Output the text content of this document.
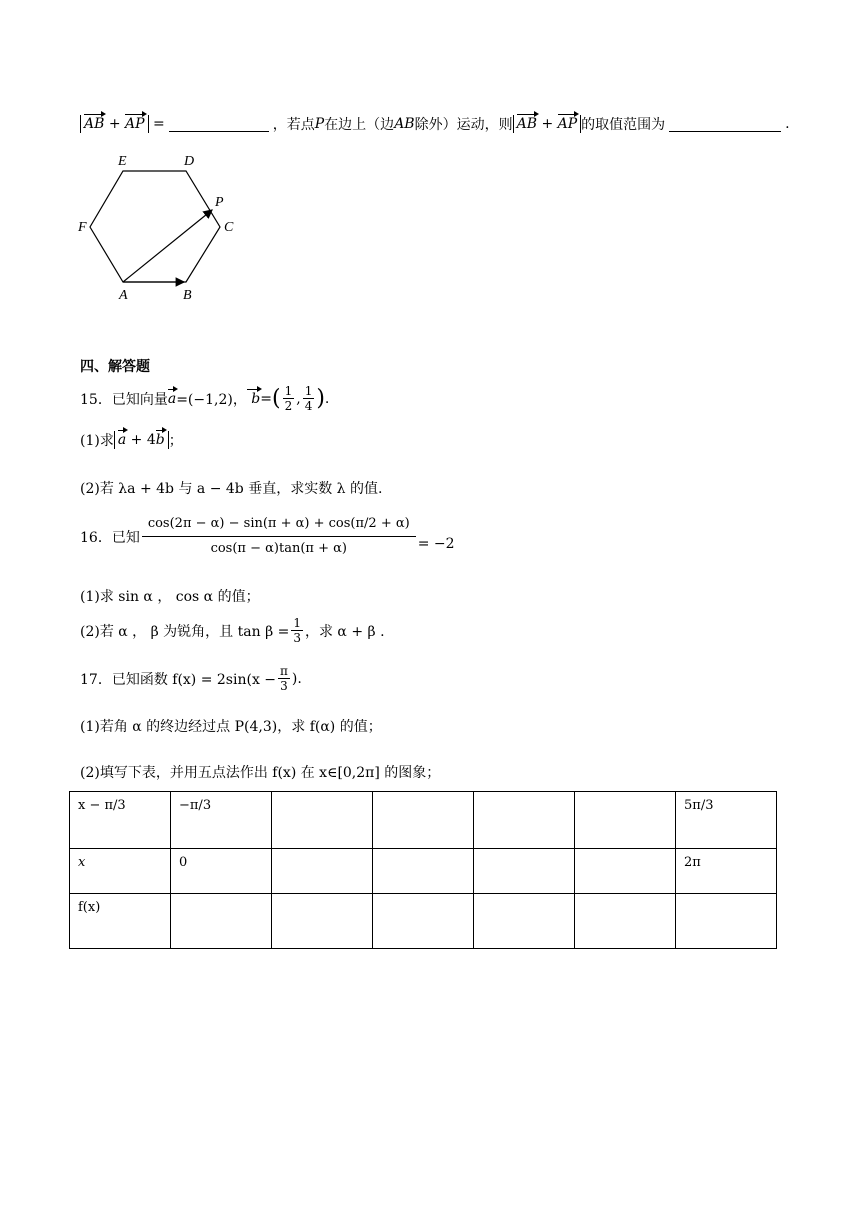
AB + AP =	，若点 P 在边上（边 AB 除外）运动，则 AB + AP 的取值范围为	.
A	B
C
D
E
F
P
四、解答题
15．已知向量 a =(−1,2)， b = ( $\frac{1}{2}$ , $\frac{1}{4}$ ) .
(1)求 a + 4 b ；
(2)若 λa + 4b 与 a − 4b 垂直，求实数 λ 的值.
16．已知 $\frac{\cos(2\pi - \alpha) - \sin(\pi + \alpha) + \cos(\pi/2 + \alpha)}{\cos(\pi - \alpha)\tan(\pi + \alpha)} = -2$
(1)求 sin α ， cos α 的值；
(2)若 α ， β 为锐角，且 $\tan \beta = \frac{1}{3}$ ，求 α + β .
17．已知函数 $f(x) = 2\sin(x - \frac{\pi}{3}$ ).
(1)若角 α 的终边经过点 P(4,3)，求 f(α) 的值；
(2)填写下表，并用五点法作出 f(x) 在 x∈[0,2π] 的图象；
x − π/3	−π/3					5π/3
x	0					2π
f(x)						
